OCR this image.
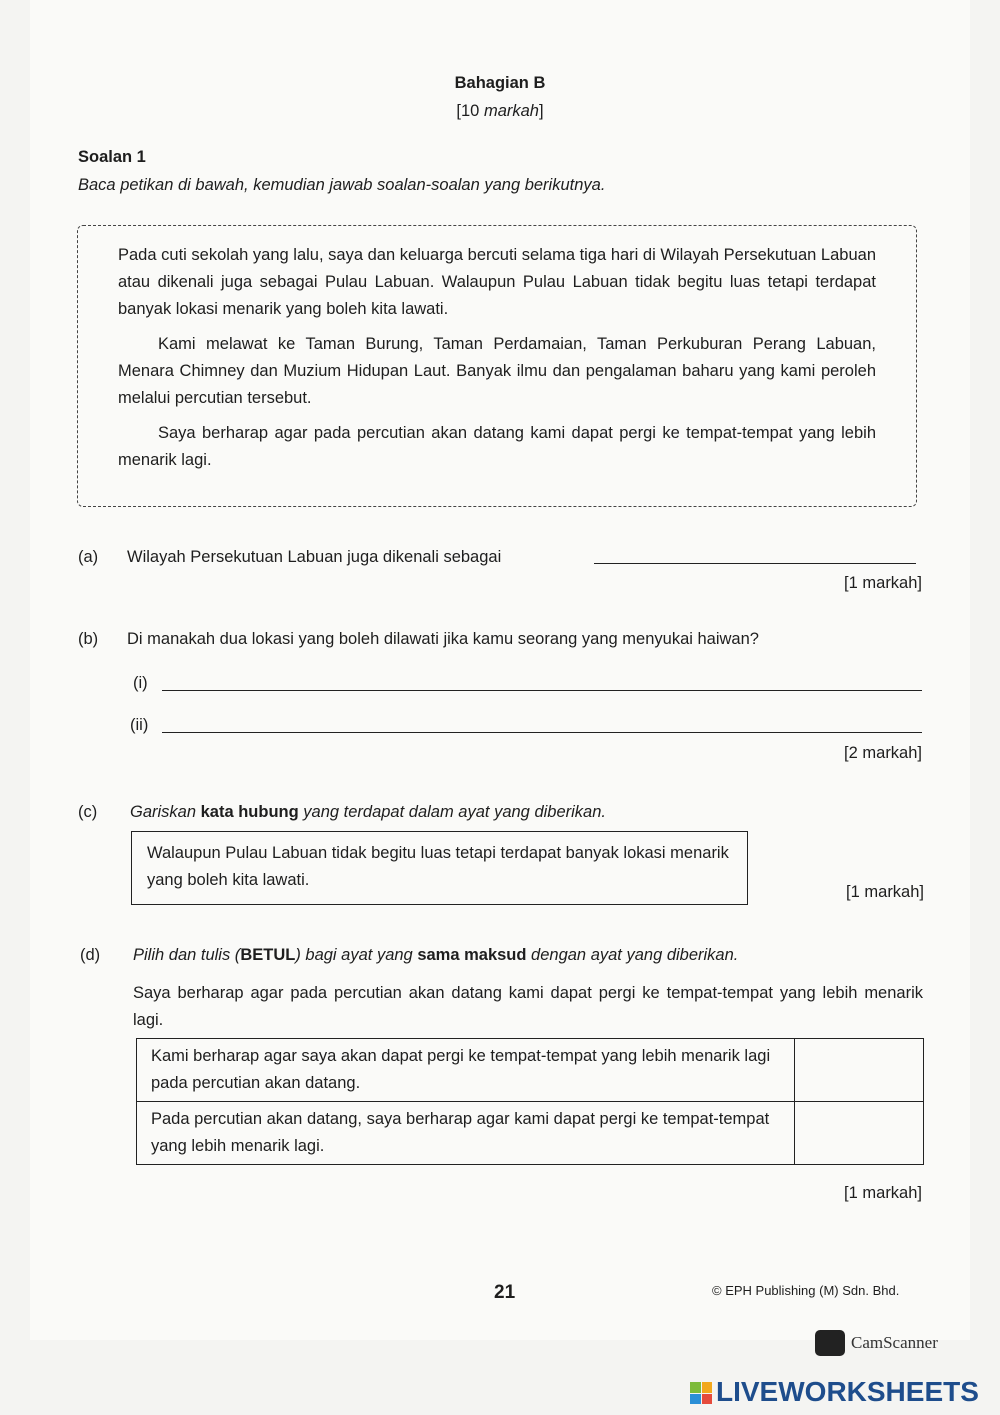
Bahagian B
[10 markah]
Soalan 1
Baca petikan di bawah, kemudian jawab soalan-soalan yang berikutnya.

Pada cuti sekolah yang lalu, saya dan keluarga bercuti selama tiga hari di Wilayah Persekutuan Labuan atau dikenali juga sebagai Pulau Labuan. Walaupun Pulau Labuan tidak begitu luas tetapi terdapat banyak lokasi menarik yang boleh kita lawati.

Kami melawat ke Taman Burung, Taman Perdamaian, Taman Perkuburan Perang Labuan, Menara Chimney dan Muzium Hidupan Laut. Banyak ilmu dan pengalaman baharu yang kami peroleh melalui percutian tersebut.

Saya berharap agar pada percutian akan datang kami dapat pergi ke tempat-tempat yang lebih menarik lagi.

(a) Wilayah Persekutuan Labuan juga dikenali sebagai
[1 markah]
(b) Di manakah dua lokasi yang boleh dilawati jika kamu seorang yang menyukai haiwan?
(i)
(ii)
[2 markah]
(c) Gariskan kata hubung yang terdapat dalam ayat yang diberikan.
Walaupun Pulau Labuan tidak begitu luas tetapi terdapat banyak lokasi menarik yang boleh kita lawati.
[1 markah]
(d) Pilih dan tulis (BETUL) bagi ayat yang sama maksud dengan ayat yang diberikan.
Saya berharap agar pada percutian akan datang kami dapat pergi ke tempat-tempat yang lebih menarik lagi.
Kami berharap agar saya akan dapat pergi ke tempat-tempat yang lebih menarik lagi pada percutian akan datang.	
Pada percutian akan datang, saya berharap agar kami dapat pergi ke tempat-tempat yang lebih menarik lagi.	
[1 markah]
21	© EPH Publishing (M) Sdn. Bhd.
CamScanner
LIVEWORKSHEETS
